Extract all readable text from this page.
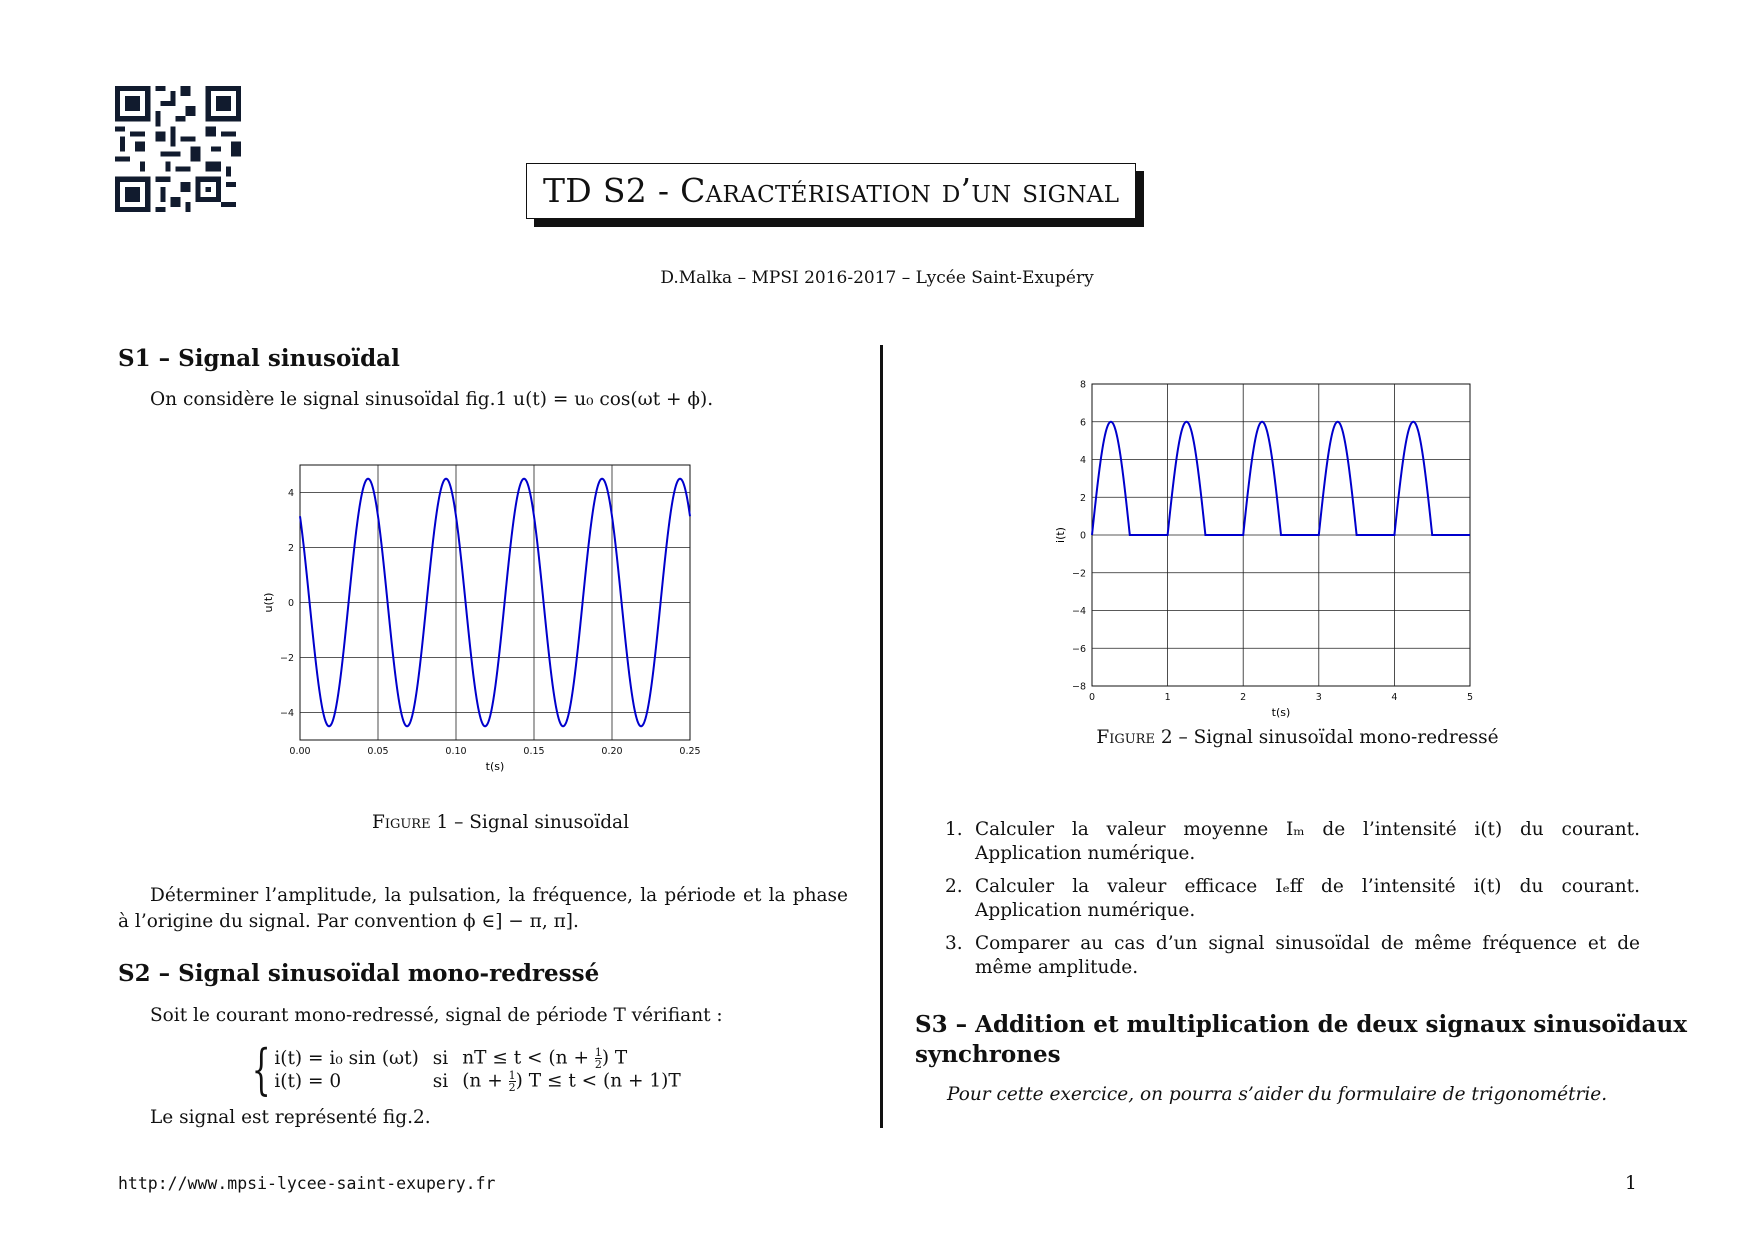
TD S2 - Caractérisation d’un signal
D.Malka – MPSI 2016-2017 – Lycée Saint-Exupéry
S1 – Signal sinusoïdal
On considère le signal sinusoïdal fig.1 u(t) = u₀ cos(ωt + ϕ).
0.00	0.05	0.10	0.15	0.20	0.25
4
2
0
−2
−4
t(s)
u(t)
Figure 1 – Signal sinusoïdal
Déterminer l’amplitude, la pulsation, la fréquence, la période et la phase à l’origine du signal. Par convention ϕ ∈] − π, π].
S2 – Signal sinusoïdal mono-redressé
Soit le courant mono-redressé, signal de période T vérifiant :
{ i(t) = i₀ sin (ωt)	si	nT ≤ $t < (n + \frac{1}{2}$ ) T
i(t) = 0	si	($n + \frac{1}{2}$ ) T ≤ t < (n + 1)T
Le signal est représenté fig.2.
0	1	2	3	4	5
8
6
4
2
0
−2
−4
−6
−8
t(s)
i(t)
Figure 2 – Signal sinusoïdal mono-redressé
1. Calculer la valeur moyenne Iₘ de l’intensité i(t) du courant. Application numérique.
2. Calculer la valeur efficace Iₑff de l’intensité i(t) du courant. Application numérique.
3. Comparer au cas d’un signal sinusoïdal de même fréquence et de même amplitude.
S3 – Addition et multiplication de deux signaux sinusoïdaux
synchrones
Pour cette exercice, on pourra s’aider du formulaire de trigonométrie.
http://www.mpsi-lycee-saint-exupery.fr	1
